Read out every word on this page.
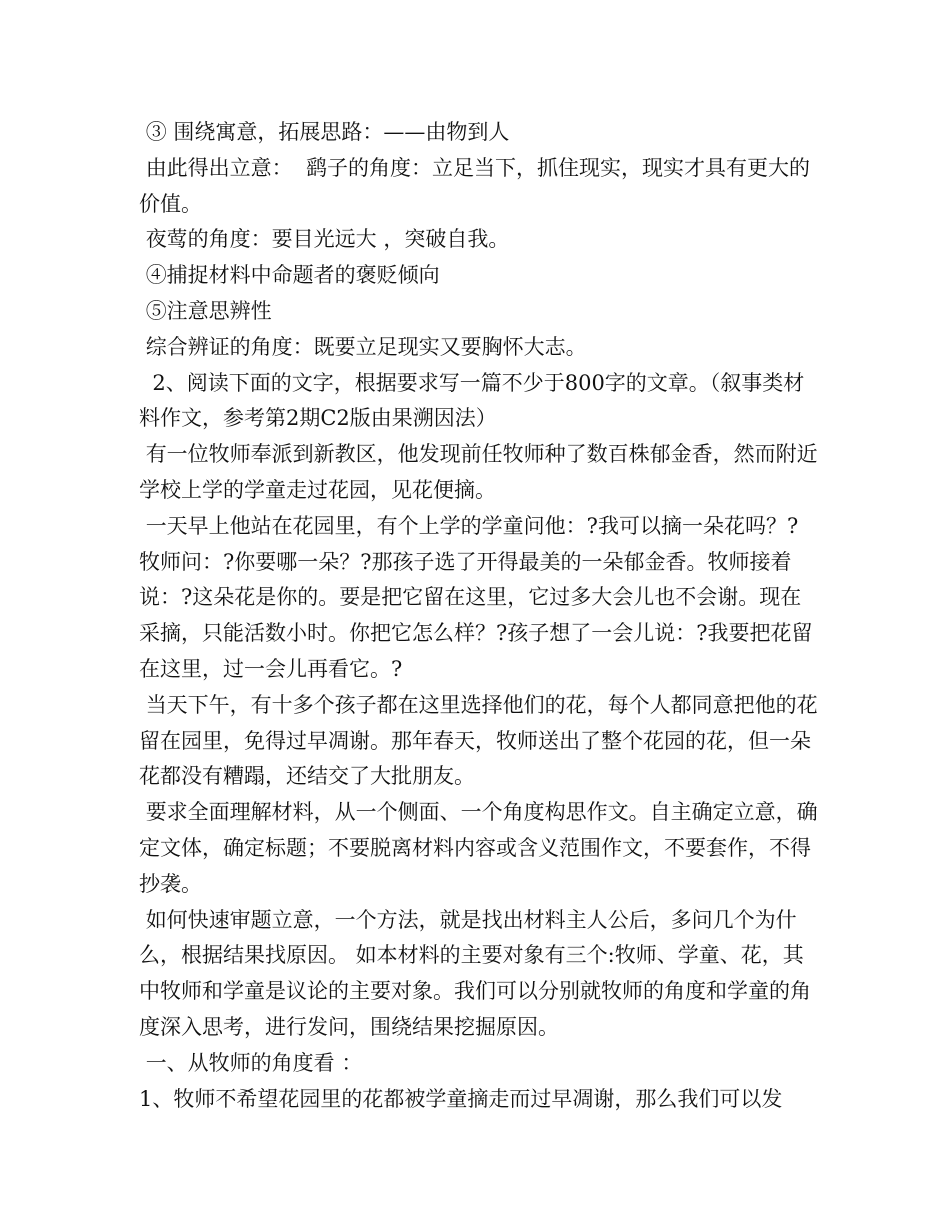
③ 围绕寓意，拓展思路：——由物到人

由此得出立意：  鹞子的角度：立足当下，抓住现实，现实才具有更大的价值。

夜莺的角度：要目光远大 ，突破自我。

④捕捉材料中命题者的褒贬倾向

⑤注意思辨性

综合辨证的角度：既要立足现实又要胸怀大志。

2、阅读下面的文字，根据要求写一篇不少于800字的文章。（叙事类材料作文，参考第2期C2版由果溯因法）

有一位牧师奉派到新教区，他发现前任牧师种了数百株郁金香，然而附近学校上学的学童走过花园，见花便摘。

一天早上他站在花园里，有个上学的学童问他：?我可以摘一朵花吗？?牧师问：?你要哪一朵？?那孩子选了开得最美的一朵郁金香。牧师接着说：?这朵花是你的。要是把它留在这里，它过多大会儿也不会谢。现在采摘，只能活数小时。你把它怎么样？?孩子想了一会儿说：?我要把花留在这里，过一会儿再看它。?

当天下午，有十多个孩子都在这里选择他们的花，每个人都同意把他的花留在园里，免得过早凋谢。那年春天，牧师送出了整个花园的花，但一朵花都没有糟蹋，还结交了大批朋友。

要求全面理解材料，从一个侧面、一个角度构思作文。自主确定立意，确定文体，确定标题；不要脱离材料内容或含义范围作文，不要套作，不得抄袭。

如何快速审题立意，一个方法，就是找出材料主人公后，多问几个为什么，根据结果找原因。 如本材料的主要对象有三个:牧师、学童、花，其中牧师和学童是议论的主要对象。我们可以分别就牧师的角度和学童的角度深入思考，进行发问，围绕结果挖掘原因。

一、从牧师的角度看 ：

1、牧师不希望花园里的花都被学童摘走而过早凋谢，那么我们可以发
